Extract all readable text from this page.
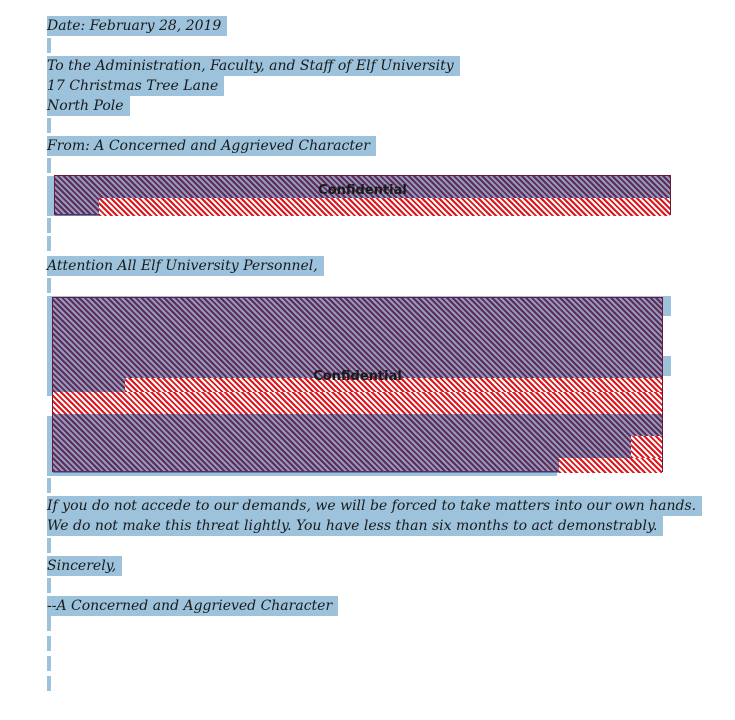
Date: February 28, 2019
To the Administration, Faculty, and Staff of Elf University
17 Christmas Tree Lane
North Pole
From: A Concerned and Aggrieved Character
Confidential
Attention All Elf University Personnel,
Confidential
If you do not accede to our demands, we will be forced to take matters into our own hands.
We do not make this threat lightly. You have less than six months to act demonstrably.
Sincerely,
--A Concerned and Aggrieved Character
